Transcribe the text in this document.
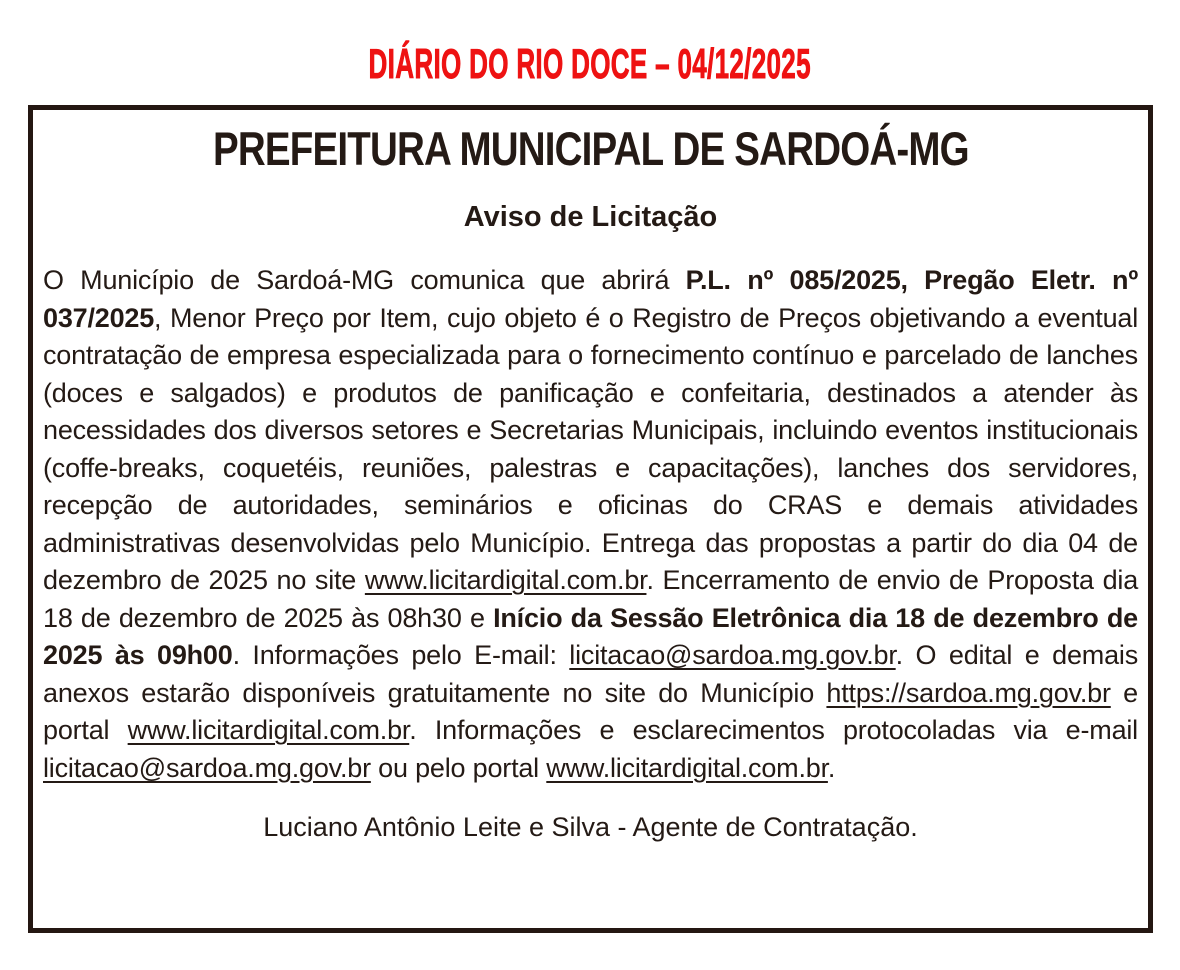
DIÁRIO DO RIO DOCE – 04/12/2025
PREFEITURA MUNICIPAL DE SARDOÁ-MG
Aviso de Licitação

O Município de Sardoá-MG comunica que abrirá P.L. nº 085/2025, Pregão Eletr. nº 037/2025, Menor Preço por Item, cujo objeto é o Registro de Preços objetivando a eventual contratação de empresa especializada para o fornecimento contínuo e parcelado de lanches (doces e salgados) e produtos de panificação e confeitaria, destinados a atender às necessidades dos diversos setores e Secretarias Municipais, incluindo eventos institucionais (coffe-breaks, coquetéis, reuniões, palestras e capacitações), lanches dos servidores, recepção de autoridades, seminários e oficinas do CRAS e demais atividades administrativas desenvolvidas pelo Município. Entrega das propostas a partir do dia 04 de dezembro de 2025 no site www.licitardigital.com.br. Encerramento de envio de Proposta dia 18 de dezembro de 2025 às 08h30 e Início da Sessão Eletrônica dia 18 de dezembro de 2025 às 09h00. Informações pelo E-mail: licitacao@sardoa.mg.gov.br. O edital e demais anexos estarão disponíveis gratuitamente no site do Município https://sardoa.mg.gov.br e portal www.licitardigital.com.br. Informações e esclarecimentos protocoladas via e-mail licitacao@sardoa.mg.gov.br ou pelo portal www.licitardigital.com.br.

Luciano Antônio Leite e Silva - Agente de Contratação.
